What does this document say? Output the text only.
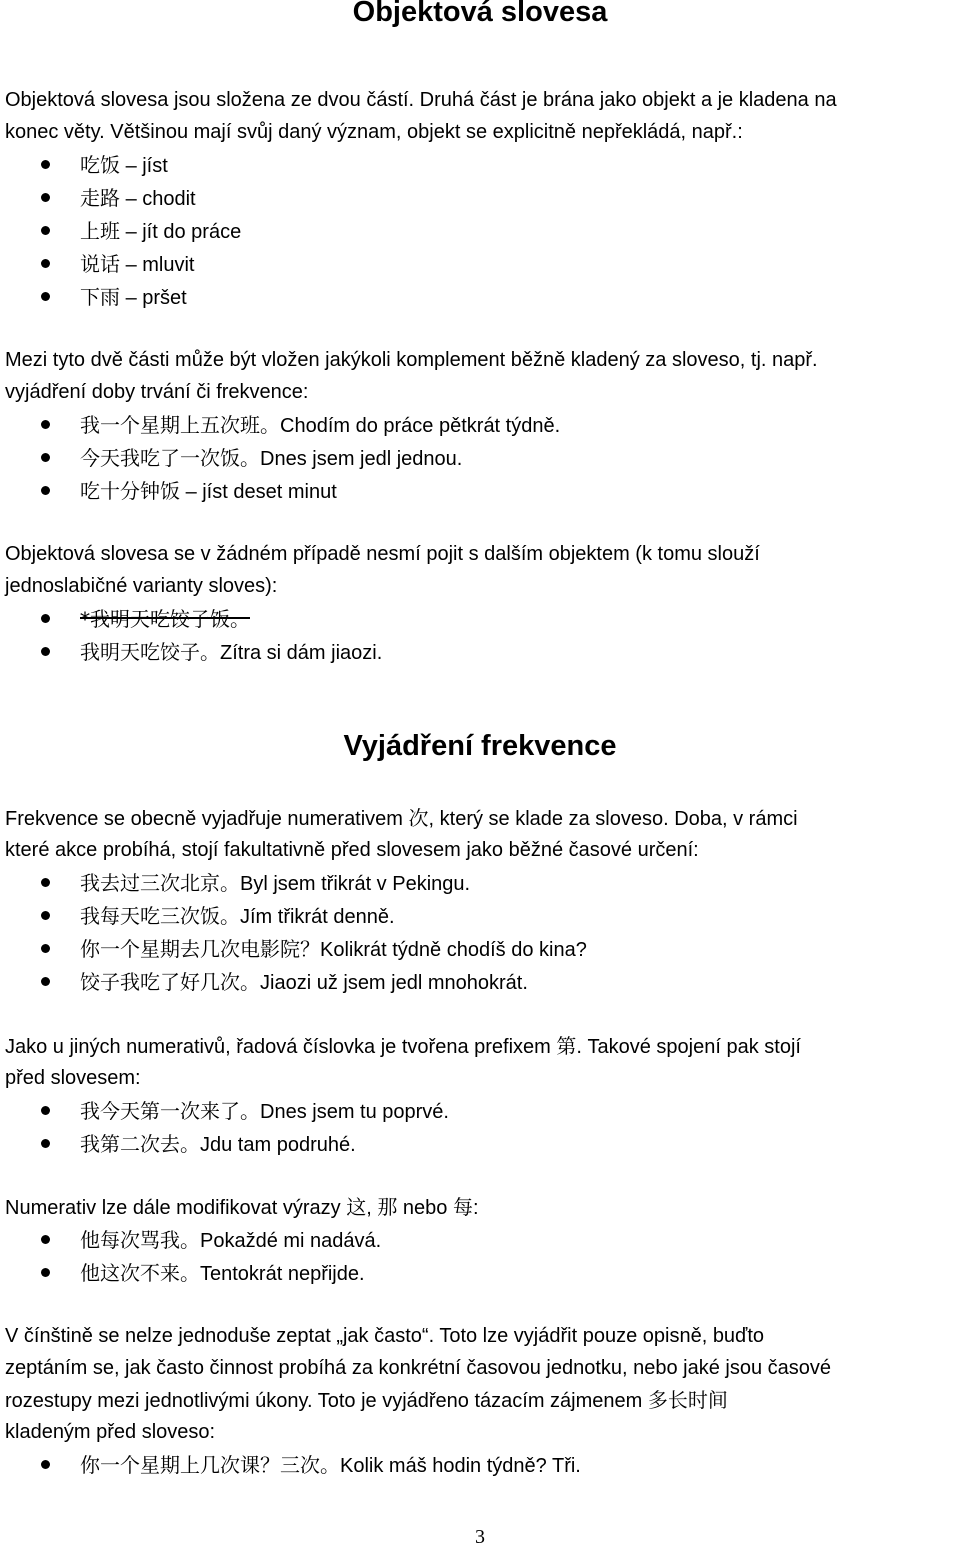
Objektová slovesa
Objektová slovesa jsou složena ze dvou částí. Druhá část je brána jako objekt a je kladena na
konec věty. Většinou mají svůj daný význam, objekt se explicitně nepřekládá, např.:
吃饭 – jíst
走路 – chodit
上班 – jít do práce
说话 – mluvit
下雨 – pršet
Mezi tyto dvě části může být vložen jakýkoli komplement běžně kladený za sloveso, tj. např.
vyjádření doby trvání či frekvence:
我一个星期上五次班。Chodím do práce pětkrát týdně.
今天我吃了一次饭。Dnes jsem jedl jednou.
吃十分钟饭 – jíst deset minut
Objektová slovesa se v žádném případě nesmí pojit s dalším objektem (k tomu slouží
jednoslabičné varianty sloves):
*我明天吃饺子饭。
我明天吃饺子。Zítra si dám jiaozi.
Vyjádření frekvence
Frekvence se obecně vyjadřuje numerativem 次, který se klade za sloveso. Doba, v rámci
které akce probíhá, stojí fakultativně před slovesem jako běžné časové určení:
我去过三次北京。Byl jsem třikrát v Pekingu.
我每天吃三次饭。Jím třikrát denně.
你一个星期去几次电影院？Kolikrát týdně chodíš do kina?
饺子我吃了好几次。Jiaozi už jsem jedl mnohokrát.
Jako u jiných numerativů, řadová číslovka je tvořena prefixem 第. Takové spojení pak stojí
před slovesem:
我今天第一次来了。Dnes jsem tu poprvé.
我第二次去。Jdu tam podruhé.
Numerativ lze dále modifikovat výrazy 这, 那 nebo 每:
他每次骂我。Pokaždé mi nadává.
他这次不来。Tentokrát nepřijde.
V čínštině se nelze jednoduše zeptat „jak často“. Toto lze vyjádřit pouze opisně, buďto
zeptáním se, jak často činnost probíhá za konkrétní časovou jednotku, nebo jaké jsou časové
rozestupy mezi jednotlivými úkony. Toto je vyjádřeno tázacím zájmenem 多长时间
kladeným před sloveso:
你一个星期上几次课？三次。Kolik máš hodin týdně? Tři.
3
